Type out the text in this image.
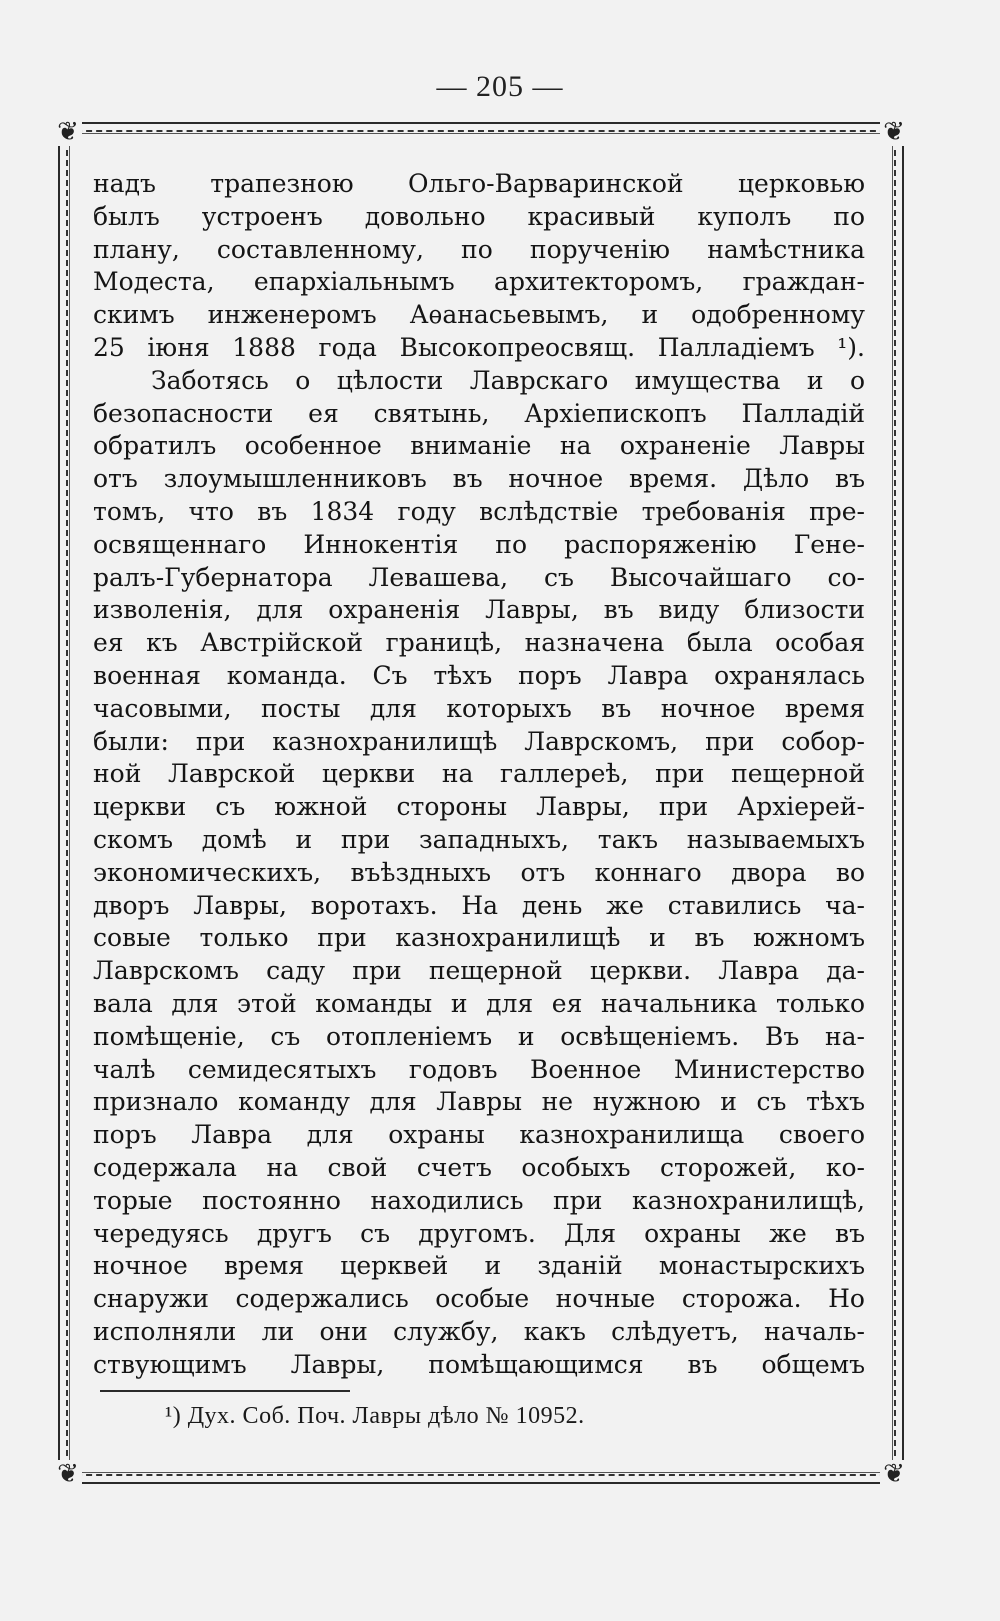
— 205 —
❦	❦
❦	❦
надъ трапезною Ольго-Варваринской церковью
былъ устроенъ довольно красивый куполъ по
плану, составленному, по порученію намѣстника
Модеста, епархіальнымъ архитекторомъ, граждан-
скимъ инженеромъ Аѳанасьевымъ, и одобренному
25 іюня 1888 года Высокопреосвящ. Палладіемъ ¹).
Заботясь о цѣлости Лаврскаго имущества и о
безопасности ея святынь, Архіепископъ Палладій
обратилъ особенное вниманіе на охраненіе Лавры
отъ злоумышленниковъ въ ночное время. Дѣло въ
томъ, что въ 1834 году вслѣдствіе требованія пре-
освященнаго Иннокентія по распоряженію Гене-
ралъ-Губернатора Левашева, съ Высочайшаго со-
изволенія, для охраненія Лавры, въ виду близости
ея къ Австрійской границѣ, назначена была особая
военная команда. Съ тѣхъ поръ Лавра охранялась
часовыми, посты для которыхъ въ ночное время
были: при казнохранилищѣ Лаврскомъ, при собор-
ной Лаврской церкви на галлереѣ, при пещерной
церкви съ южной стороны Лавры, при Архіерей-
скомъ домѣ и при западныхъ, такъ называемыхъ
экономическихъ, въѣздныхъ отъ коннаго двора во
дворъ Лавры, воротахъ. На день же ставились ча-
совые только при казнохранилищѣ и въ южномъ
Лаврскомъ саду при пещерной церкви. Лавра да-
вала для этой команды и для ея начальника только
помѣщеніе, съ отопленіемъ и освѣщеніемъ. Въ на-
чалѣ семидесятыхъ годовъ Военное Министерство
признало команду для Лавры не нужною и съ тѣхъ
поръ Лавра для охраны казнохранилища своего
содержала на свой счетъ особыхъ сторожей, ко-
торые постоянно находились при казнохранилищѣ,
чередуясь другъ съ другомъ. Для охраны же въ
ночное время церквей и зданій монастырскихъ
снаружи содержались особые ночные сторожа. Но
исполняли ли они службу, какъ слѣдуетъ, началь-
ствующимъ Лавры, помѣщающимся въ общемъ
¹) Дух. Соб. Поч. Лавры дѣло № 10952.
